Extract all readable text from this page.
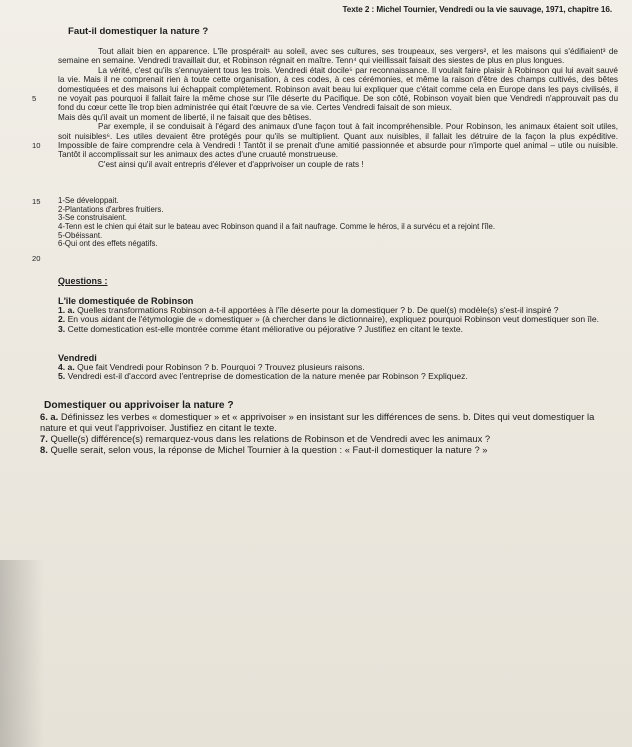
Texte 2 : Michel Tournier, Vendredi ou la vie sauvage, 1971, chapitre 16.
Faut-il domestiquer la nature ?
5
10
15
20

Tout allait bien en apparence. L'île prospérait¹ au soleil, avec ses cultures, ses troupeaux, ses vergers², et les maisons qui s'édifiaient³ de semaine en semaine. Vendredi travaillait dur, et Robinson régnait en maître. Tenn⁴ qui vieillissait faisait des siestes de plus en plus longues.

La vérité, c'est qu'ils s'ennuyaient tous les trois. Vendredi était docile⁵ par reconnaissance. Il voulait faire plaisir à Robinson qui lui avait sauvé la vie. Mais il ne comprenait rien à toute cette organisation, à ces codes, à ces cérémonies, et même la raison d'être des champs cultivés, des bêtes domestiquées et des maisons lui échappait complètement. Robinson avait beau lui expliquer que c'était comme cela en Europe dans les pays civilisés, il ne voyait pas pourquoi il fallait faire la même chose sur l'île déserte du Pacifique. De son côté, Robinson voyait bien que Vendredi n'approuvait pas du fond du cœur cette île trop bien administrée qui était l'œuvre de sa vie. Certes Vendredi faisait de son mieux.

Mais dès qu'il avait un moment de liberté, il ne faisait que des bêtises.

Par exemple, il se conduisait à l'égard des animaux d'une façon tout à fait incompréhensible. Pour Robinson, les animaux étaient soit utiles, soit nuisibles⁶. Les utiles devaient être protégés pour qu'ils se multiplient. Quant aux nuisibles, il fallait les détruire de la façon la plus expéditive. Impossible de faire comprendre cela à Vendredi ! Tantôt il se prenait d'une amitié passionnée et absurde pour n'importe quel animal – utile ou nuisible. Tantôt il accomplissait sur les animaux des actes d'une cruauté monstrueuse.

C'est ainsi qu'il avait entrepris d'élever et d'apprivoiser un couple de rats !

1-Se développait.
2-Plantations d'arbres fruitiers.
3-Se construisaient.
4-Tenn est le chien qui était sur le bateau avec Robinson quand il a fait naufrage. Comme le héros, il a survécu et a rejoint l'île.
5-Obéissant.
6-Qui ont des effets négatifs.
Questions :
L'île domestiquée de Robinson
1. a. Quelles transformations Robinson a-t-il apportées à l'île déserte pour la domestiquer ? b. De quel(s) modèle(s) s'est-il inspiré ?
2. En vous aidant de l'étymologie de « domestiquer » (à chercher dans le dictionnaire), expliquez pourquoi Robinson veut domestiquer son île.
3. Cette domestication est-elle montrée comme étant méliorative ou péjorative ? Justifiez en citant le texte.
Vendredi
4. a. Que fait Vendredi pour Robinson ? b. Pourquoi ? Trouvez plusieurs raisons.
5. Vendredi est-il d'accord avec l'entreprise de domestication de la nature menée par Robinson ? Expliquez.
Domestiquer ou apprivoiser la nature ?
6. a. Définissez les verbes « domestiquer » et « apprivoiser » en insistant sur les différences de sens. b. Dites qui veut domestiquer la nature et qui veut l'apprivoiser. Justifiez en citant le texte.
7. Quelle(s) différence(s) remarquez-vous dans les relations de Robinson et de Vendredi avec les animaux ?
8. Quelle serait, selon vous, la réponse de Michel Tournier à la question : « Faut-il domestiquer la nature ? »
